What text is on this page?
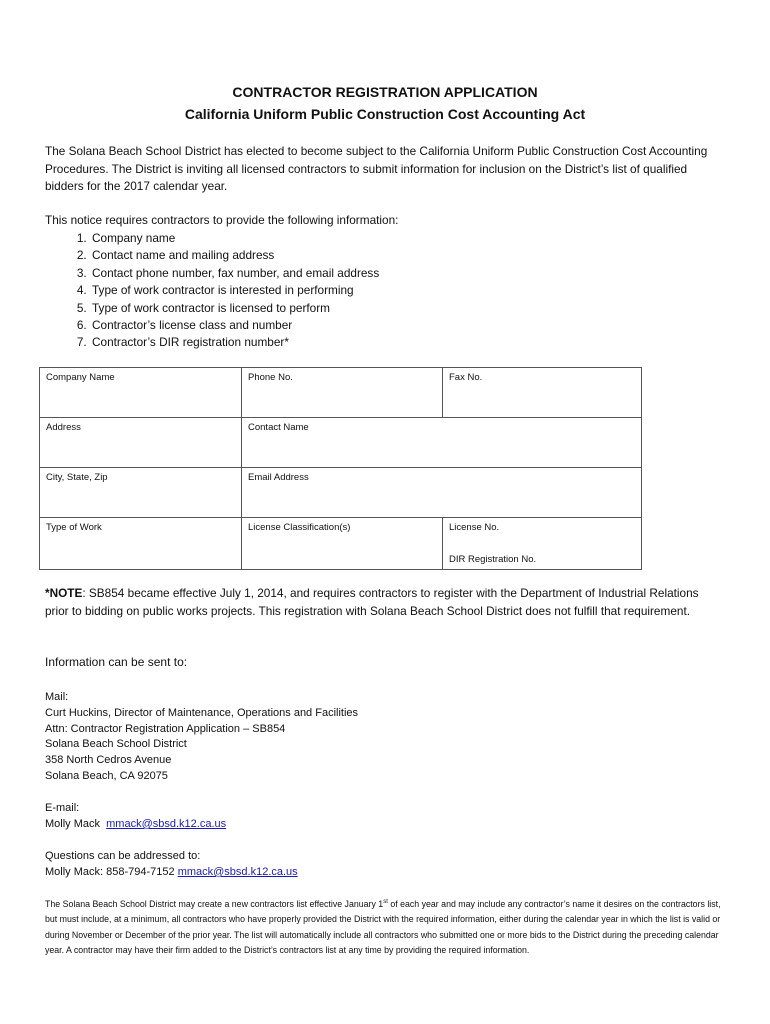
CONTRACTOR REGISTRATION APPLICATION
California Uniform Public Construction Cost Accounting Act
The Solana Beach School District has elected to become subject to the California Uniform Public Construction Cost Accounting Procedures. The District is inviting all licensed contractors to submit information for inclusion on the District’s list of qualified bidders for the 2017 calendar year.
This notice requires contractors to provide the following information:
1. Company name
2. Contact name and mailing address
3. Contact phone number, fax number, and email address
4. Type of work contractor is interested in performing
5. Type of work contractor is licensed to perform
6. Contractor’s license class and number
7. Contractor’s DIR registration number*
Company Name	Phone No.	Fax No.
Address	Contact Name	
City, State, Zip	Email Address	
Type of Work	License Classification(s)	License No.
DIR Registration No.
*NOTE: SB854 became effective July 1, 2014, and requires contractors to register with the Department of Industrial Relations prior to bidding on public works projects. This registration with Solana Beach School District does not fulfill that requirement.
Information can be sent to:
Mail:
Curt Huckins, Director of Maintenance, Operations and Facilities
Attn: Contractor Registration Application – SB854
Solana Beach School District
358 North Cedros Avenue
Solana Beach, CA 92075
E-mail:
Molly Mack mmack@sbsd.k12.ca.us
Questions can be addressed to:
Molly Mack: 858-794-7152 mmack@sbsd.k12.ca.us
The Solana Beach School District may create a new contractors list effective January 1st of each year and may include any contractor’s name it desires on the contractors list, but must include, at a minimum, all contractors who have properly provided the District with the required information, either during the calendar year in which the list is valid or during November or December of the prior year. The list will automatically include all contractors who submitted one or more bids to the District during the preceding calendar year. A contractor may have their firm added to the District’s contractors list at any time by providing the required information.
